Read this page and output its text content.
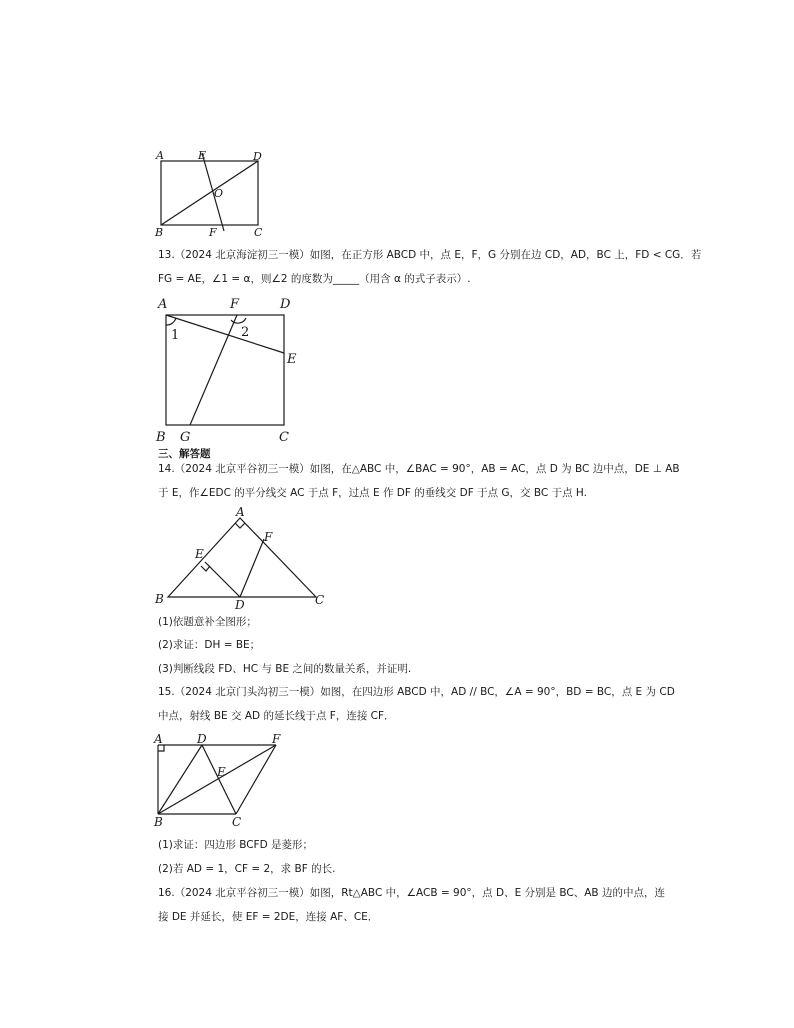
A	E	D
O
B	F	C
13.（2024 北京海淀初三一模）如图，在正方形 ABCD 中，点 E，F，G 分别在边 CD，AD，BC 上，FD < CG．若
FG = AE，∠1 = α，则∠2 的度数为_____（用含 α 的式子表示）.
A	F	D
1	2
E
B G	C
三、解答题
14.（2024 北京平谷初三一模）如图，在△ABC 中，∠BAC = 90°，AB = AC，点 D 为 BC 边中点，DE ⊥ AB
于 E，作∠EDC 的平分线交 AC 于点 F，过点 E 作 DF 的垂线交 DF 于点 G，交 BC 于点 H.
A
E
F
B	D	C
(1)依题意补全图形；
(2)求证：DH = BE；
(3)判断线段 FD、HC 与 BE 之间的数量关系，并证明.
15.（2024 北京门头沟初三一模）如图，在四边形 ABCD 中，AD // BC，∠A = 90°，BD = BC，点 E 为 CD
中点，射线 BE 交 AD 的延长线于点 F，连接 CF．
A	D	F
E
B	C
(1)求证：四边形 BCFD 是菱形；
(2)若 AD = 1，CF = 2，求 BF 的长.
16.（2024 北京平谷初三一模）如图，Rt△ABC 中，∠ACB = 90°，点 D、E 分别是 BC、AB 边的中点，连
接 DE 并延长，使 EF = 2DE，连接 AF、CE．
